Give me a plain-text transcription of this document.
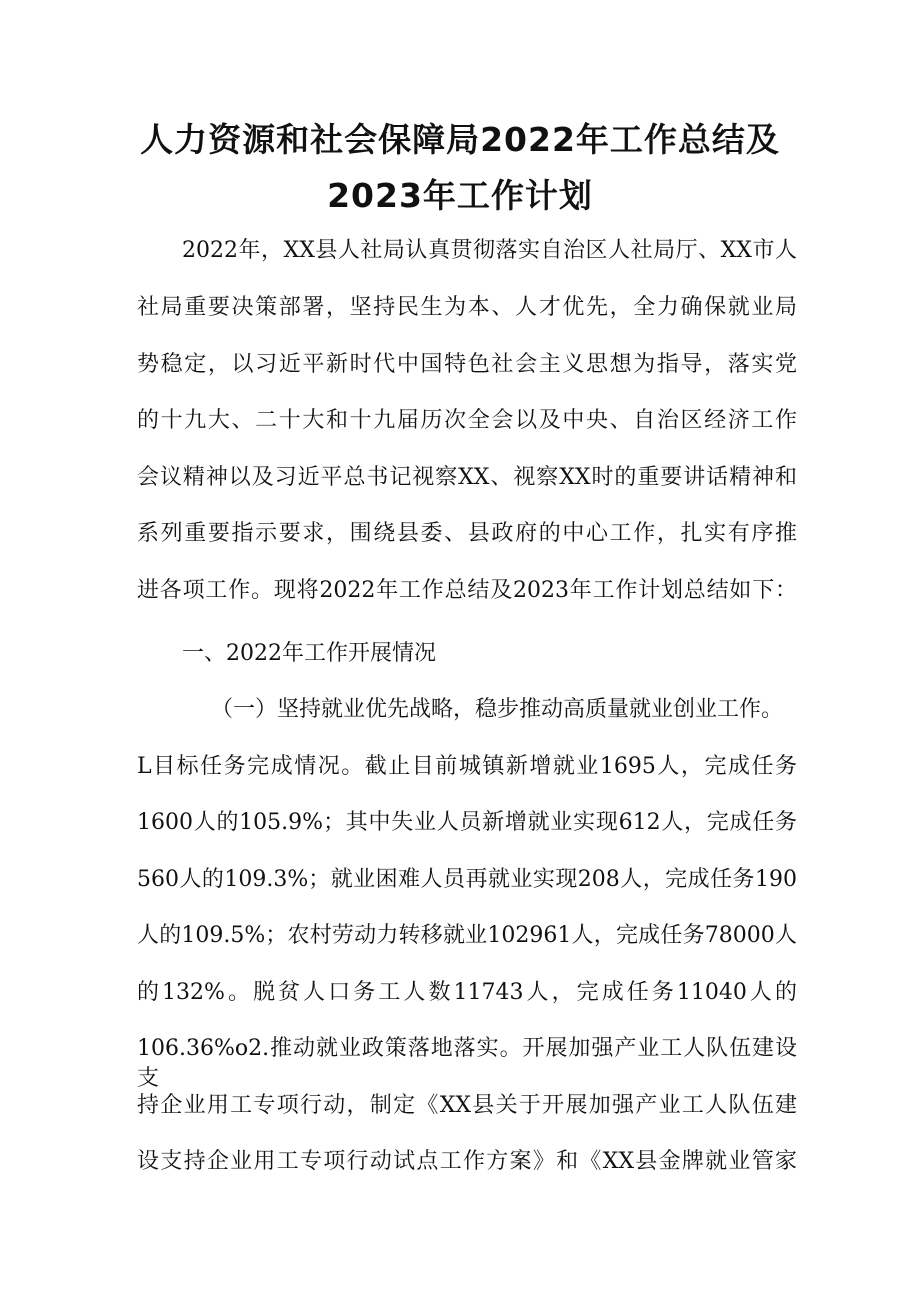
人力资源和社会保障局2022年工作总结及
2023年工作计划
2022年，XX县人社局认真贯彻落实自治区人社局厅、XX市人
社局重要决策部署，坚持民生为本、人才优先，全力确保就业局
势稳定，以习近平新时代中国特色社会主义思想为指导，落实党
的十九大、二十大和十九届历次全会以及中央、自治区经济工作
会议精神以及习近平总书记视察XX、视察XX时的重要讲话精神和
系列重要指示要求，围绕县委、县政府的中心工作，扎实有序推
进各项工作。现将2022年工作总结及2023年工作计划总结如下：
一、2022年工作开展情况
（一）坚持就业优先战略，稳步推动高质量就业创业工作。
L目标任务完成情况。截止目前城镇新增就业1695人，完成任务
1600人的105.9%；其中失业人员新增就业实现612人，完成任务
560人的109.3%；就业困难人员再就业实现208人，完成任务190
人的109.5%；农村劳动力转移就业102961人，完成任务78000人
的132%。脱贫人口务工人数11743人，完成任务11040人的
106.36%o2.推动就业政策落地落实。开展加强产业工人队伍建设支
持企业用工专项行动，制定《XX县关于开展加强产业工人队伍建
设支持企业用工专项行动试点工作方案》和《XX县金牌就业管家
